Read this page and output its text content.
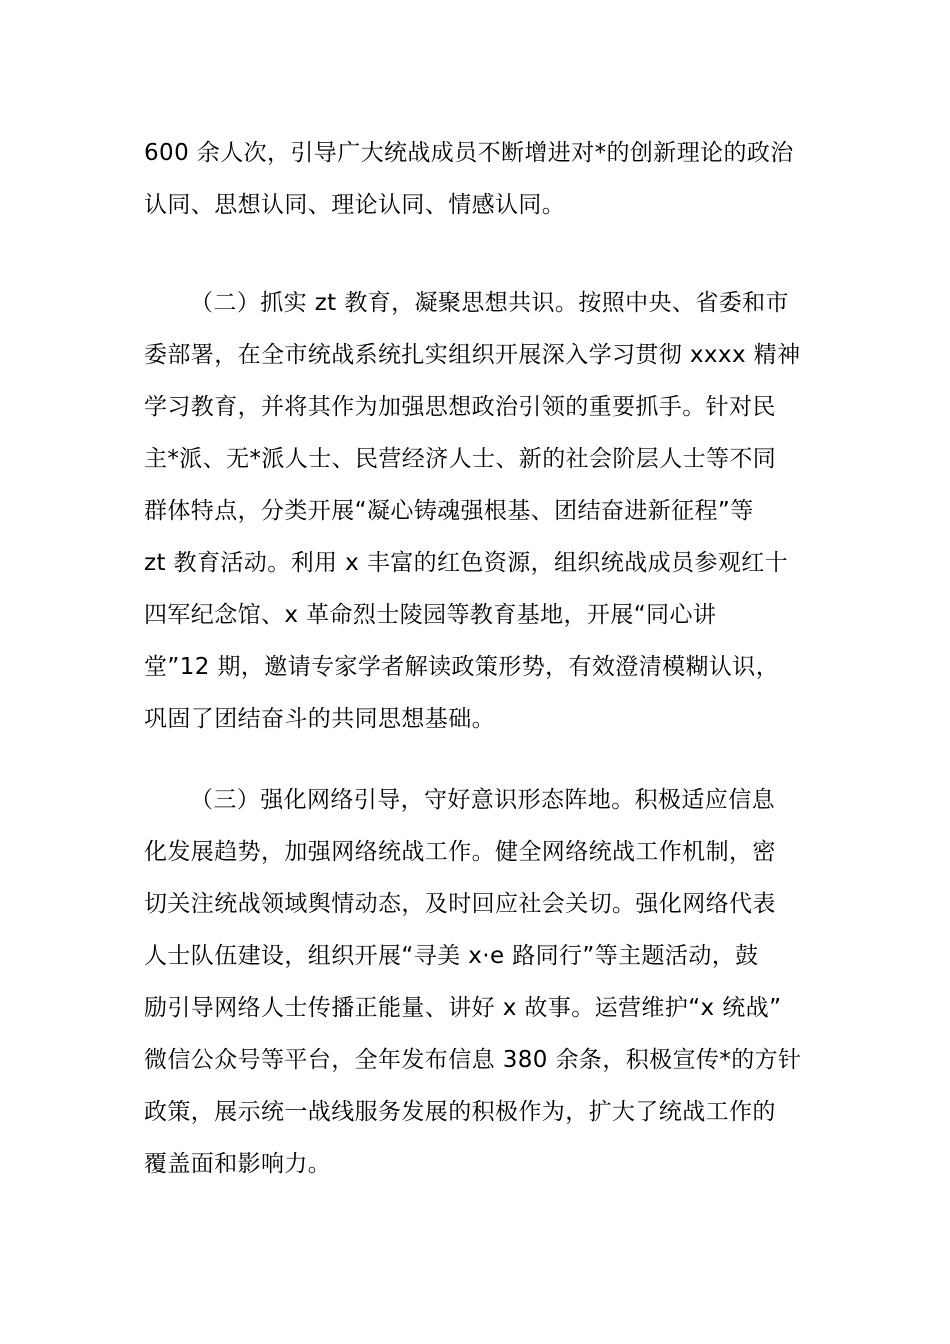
600 余人次，引导广大统战成员不断增进对*的创新理论的政治
认同、思想认同、理论认同、情感认同。

（二）抓实 zt 教育，凝聚思想共识。按照中央、省委和市
委部署，在全市统战系统扎实组织开展深入学习贯彻 xxxx 精神
学习教育，并将其作为加强思想政治引领的重要抓手。针对民
主*派、无*派人士、民营经济人士、新的社会阶层人士等不同
群体特点，分类开展“凝心铸魂强根基、团结奋进新征程”等
zt 教育活动。利用 x 丰富的红色资源，组织统战成员参观红十
四军纪念馆、x 革命烈士陵园等教育基地，开展“同心讲
堂”12 期，邀请专家学者解读政策形势，有效澄清模糊认识，
巩固了团结奋斗的共同思想基础。

（三）强化网络引导，守好意识形态阵地。积极适应信息
化发展趋势，加强网络统战工作。健全网络统战工作机制，密
切关注统战领域舆情动态，及时回应社会关切。强化网络代表
人士队伍建设，组织开展“寻美 x·e 路同行”等主题活动，鼓
励引导网络人士传播正能量、讲好 x 故事。运营维护“x 统战”
微信公众号等平台，全年发布信息 380 余条，积极宣传*的方针
政策，展示统一战线服务发展的积极作为，扩大了统战工作的
覆盖面和影响力。
